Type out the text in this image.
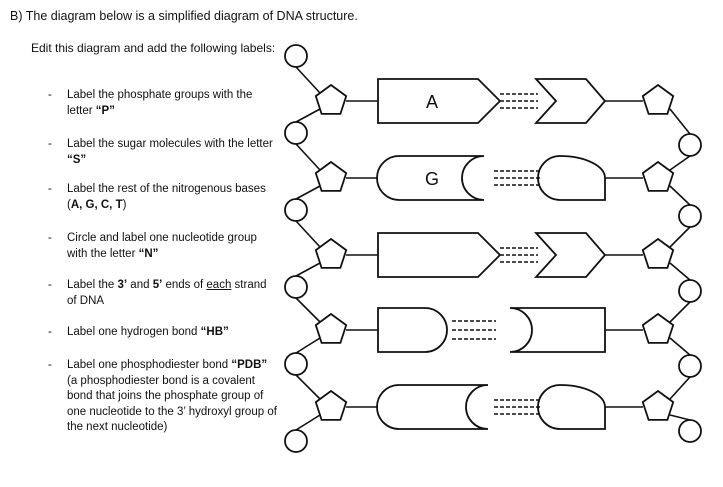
B) The diagram below is a simplified diagram of DNA structure.
Edit this diagram and add the following labels:
- Label the phosphate groups with the letter “P”
- Label the sugar molecules with the letter “S”
- Label the rest of the nitrogenous bases (A, G, C, T)
- Circle and label one nucleotide group with the letter “N”
- Label the 3’ and 5’ ends of each strand of DNA
- Label one hydrogen bond “HB”
- Label one phosphodiester bond “PDB” (a phosphodiester bond is a covalent bond that joins the phosphate group of one nucleotide to the 3’ hydroxyl group of the next nucleotide)
A
G
